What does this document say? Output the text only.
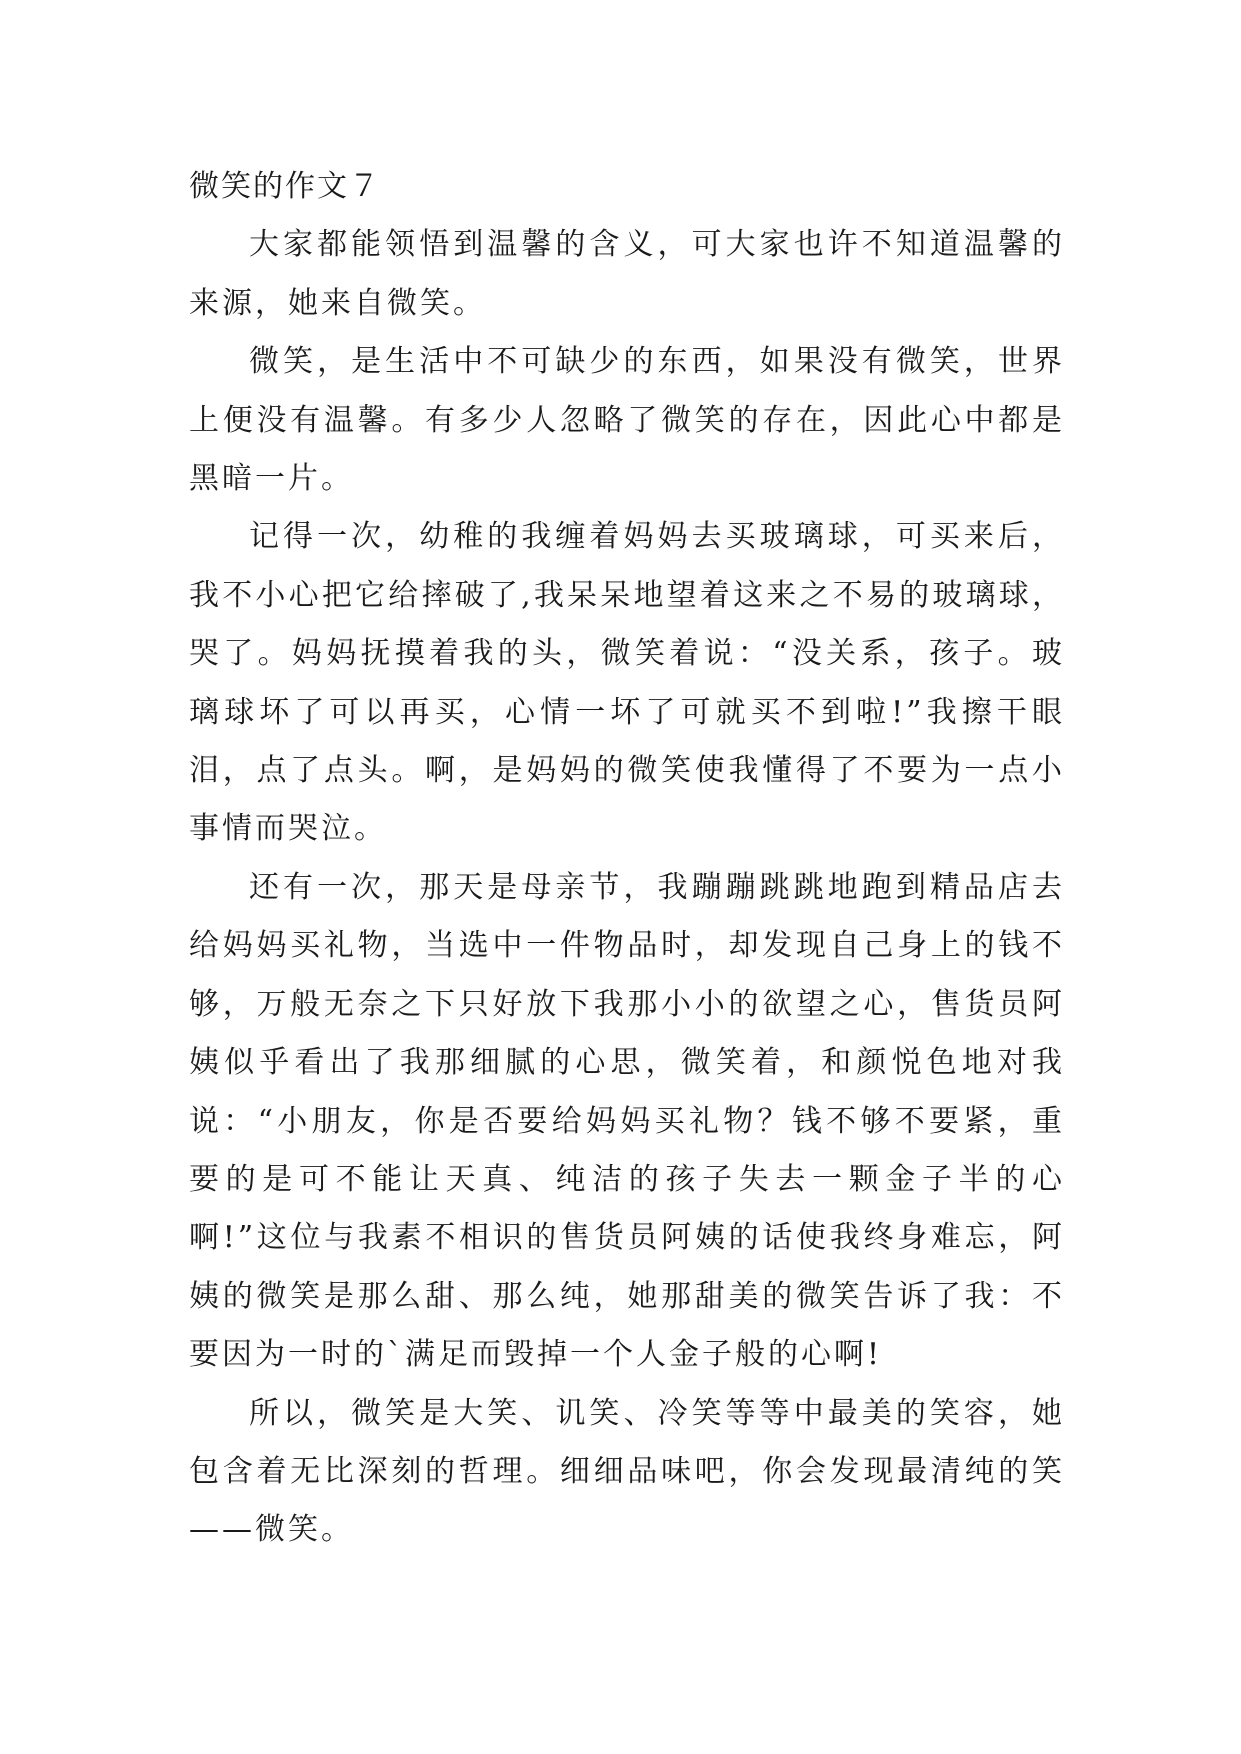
微笑的作文７

大家都能领悟到温馨的含义，可大家也许不知道温馨的来源，她来自微笑。

微笑，是生活中不可缺少的东西，如果没有微笑，世界上便没有温馨。有多少人忽略了微笑的存在，因此心中都是黑暗一片。

记得一次，幼稚的我缠着妈妈去买玻璃球，可买来后，我不小心把它给摔破了,我呆呆地望着这来之不易的玻璃球，哭了。妈妈抚摸着我的头，微笑着说：“没关系，孩子。玻璃球坏了可以再买，心情一坏了可就买不到啦!”我擦干眼泪，点了点头。啊，是妈妈的微笑使我懂得了不要为一点小事情而哭泣。

还有一次，那天是母亲节，我蹦蹦跳跳地跑到精品店去给妈妈买礼物，当选中一件物品时，却发现自己身上的钱不够，万般无奈之下只好放下我那小小的欲望之心，售货员阿姨似乎看出了我那细腻的心思，微笑着，和颜悦色地对我说：“小朋友，你是否要给妈妈买礼物？钱不够不要紧，重要的是可不能让天真、纯洁的孩子失去一颗金子半的心啊!”这位与我素不相识的售货员阿姨的话使我终身难忘，阿姨的微笑是那么甜、那么纯，她那甜美的微笑告诉了我：不要因为一时的`满足而毁掉一个人金子般的心啊!

所以，微笑是大笑、讥笑、冷笑等等中最美的笑容，她包含着无比深刻的哲理。细细品味吧，你会发现最清纯的笑——微笑。
